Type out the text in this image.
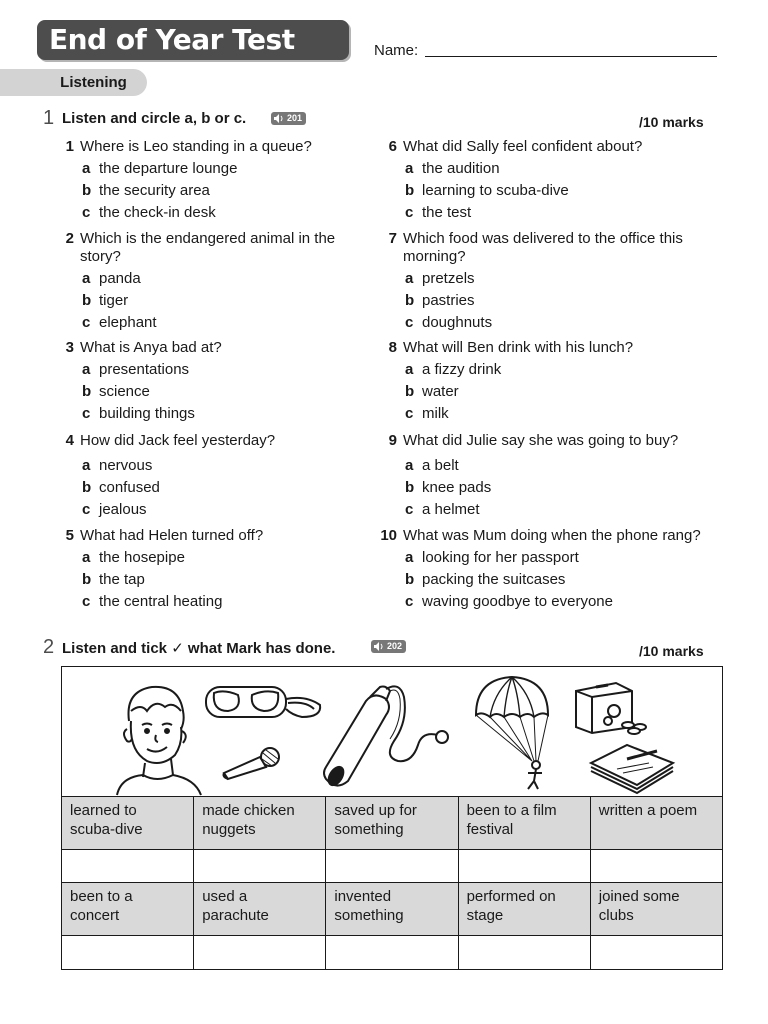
End of Year Test	Name:
Listening
1 Listen and circle a, b or c.	201	/10 marks
1 Where is Leo standing in a queue?
a the departure lounge
b the security area
c the check-in desk
2 Which is the endangered animal in the story?
a panda
b tiger
c elephant
3 What is Anya bad at?
a presentations
b science
c building things
4 How did Jack feel yesterday?
a nervous
b confused
c jealous
5 What had Helen turned off?
a the hosepipe
b the tap
c the central heating
6 What did Sally feel confident about?
a the audition
b learning to scuba-dive
c the test
7 Which food was delivered to the office this morning?
a pretzels
b pastries
c doughnuts
8 What will Ben drink with his lunch?
a a fizzy drink
b water
c milk
9 What did Julie say she was going to buy?
a a belt
b knee pads
c a helmet
10 What was Mum doing when the phone rang?
a looking for her passport
b packing the suitcases
c waving goodbye to everyone
2 Listen and tick ✓ what Mark has done.	202	/10 marks
learned to scuba-dive	made chicken nuggets	saved up for something	been to a film festival	written a poem

been to a concert	used a parachute	invented something	performed on stage	joined some clubs
